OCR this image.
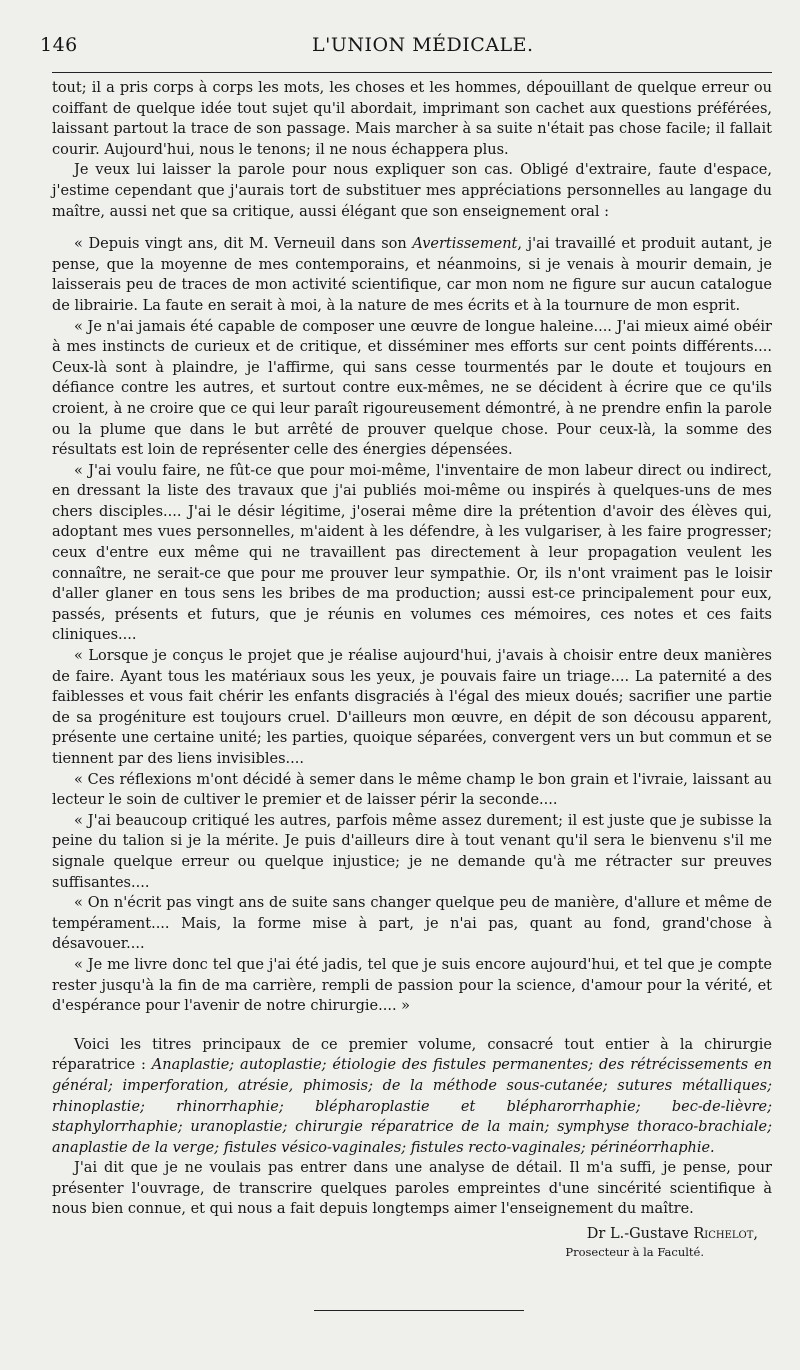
146	L'UNION MÉDICALE.

tout; il a pris corps à corps les mots, les choses et les hommes, dépouillant de quelque erreur ou coiffant de quelque idée tout sujet qu'il abordait, imprimant son cachet aux questions préférées, laissant partout la trace de son passage. Mais marcher à sa suite n'était pas chose facile; il fallait courir. Aujourd'hui, nous le tenons; il ne nous échappera plus.

Je veux lui laisser la parole pour nous expliquer son cas. Obligé d'extraire, faute d'espace, j'estime cependant que j'aurais tort de substituer mes appréciations personnelles au langage du maître, aussi net que sa critique, aussi élégant que son enseignement oral :

« Depuis vingt ans, dit M. Verneuil dans son Avertissement, j'ai travaillé et produit autant, je pense, que la moyenne de mes contemporains, et néanmoins, si je venais à mourir demain, je laisserais peu de traces de mon activité scientifique, car mon nom ne figure sur aucun catalogue de librairie. La faute en serait à moi, à la nature de mes écrits et à la tournure de mon esprit.

« Je n'ai jamais été capable de composer une œuvre de longue haleine.... J'ai mieux aimé obéir à mes instincts de curieux et de critique, et disséminer mes efforts sur cent points différents.... Ceux-là sont à plaindre, je l'affirme, qui sans cesse tourmentés par le doute et toujours en défiance contre les autres, et surtout contre eux-mêmes, ne se décident à écrire que ce qu'ils croient, à ne croire que ce qui leur paraît rigoureusement démontré, à ne prendre enfin la parole ou la plume que dans le but arrêté de prouver quelque chose. Pour ceux-là, la somme des résultats est loin de représenter celle des énergies dépensées.

« J'ai voulu faire, ne fût-ce que pour moi-même, l'inventaire de mon labeur direct ou indirect, en dressant la liste des travaux que j'ai publiés moi-même ou inspirés à quelques-uns de mes chers disciples.... J'ai le désir légitime, j'oserai même dire la prétention d'avoir des élèves qui, adoptant mes vues personnelles, m'aident à les défendre, à les vulgariser, à les faire progresser; ceux d'entre eux même qui ne travaillent pas directement à leur propagation veulent les connaître, ne serait-ce que pour me prouver leur sympathie. Or, ils n'ont vraiment pas le loisir d'aller glaner en tous sens les bribes de ma production; aussi est-ce principalement pour eux, passés, présents et futurs, que je réunis en volumes ces mémoires, ces notes et ces faits cliniques....

« Lorsque je conçus le projet que je réalise aujourd'hui, j'avais à choisir entre deux manières de faire. Ayant tous les matériaux sous les yeux, je pouvais faire un triage.... La paternité a des faiblesses et vous fait chérir les enfants disgraciés à l'égal des mieux doués; sacrifier une partie de sa progéniture est toujours cruel. D'ailleurs mon œuvre, en dépit de son décousu apparent, présente une certaine unité; les parties, quoique séparées, convergent vers un but commun et se tiennent par des liens invisibles....

« Ces réflexions m'ont décidé à semer dans le même champ le bon grain et l'ivraie, laissant au lecteur le soin de cultiver le premier et de laisser périr la seconde....

« J'ai beaucoup critiqué les autres, parfois même assez durement; il est juste que je subisse la peine du talion si je la mérite. Je puis d'ailleurs dire à tout venant qu'il sera le bienvenu s'il me signale quelque erreur ou quelque injustice; je ne demande qu'à me rétracter sur preuves suffisantes....

« On n'écrit pas vingt ans de suite sans changer quelque peu de manière, d'allure et même de tempérament.... Mais, la forme mise à part, je n'ai pas, quant au fond, grand'chose à désavouer....

« Je me livre donc tel que j'ai été jadis, tel que je suis encore aujourd'hui, et tel que je compte rester jusqu'à la fin de ma carrière, rempli de passion pour la science, d'amour pour la vérité, et d'espérance pour l'avenir de notre chirurgie.... »

Voici les titres principaux de ce premier volume, consacré tout entier à la chirurgie réparatrice : Anaplastie; autoplastie; étiologie des fistules permanentes; des rétrécissements en général; imperforation, atrésie, phimosis; de la méthode sous-cutanée; sutures métalliques; rhinoplastie; rhinorrhaphie; blépharoplastie et blépharorrhaphie; bec-de-lièvre; staphylorrhaphie; uranoplastie; chirurgie réparatrice de la main; symphyse thoraco-brachiale; anaplastie de la verge; fistules vésico-vaginales; fistules recto-vaginales; périnéorrhaphie.

J'ai dit que je ne voulais pas entrer dans une analyse de détail. Il m'a suffi, je pense, pour présenter l'ouvrage, de transcrire quelques paroles empreintes d'une sincérité scientifique à nous bien connue, et qui nous a fait depuis longtemps aimer l'enseignement du maître.

Dr L.-Gustave Richelot,
Prosecteur à la Faculté.
